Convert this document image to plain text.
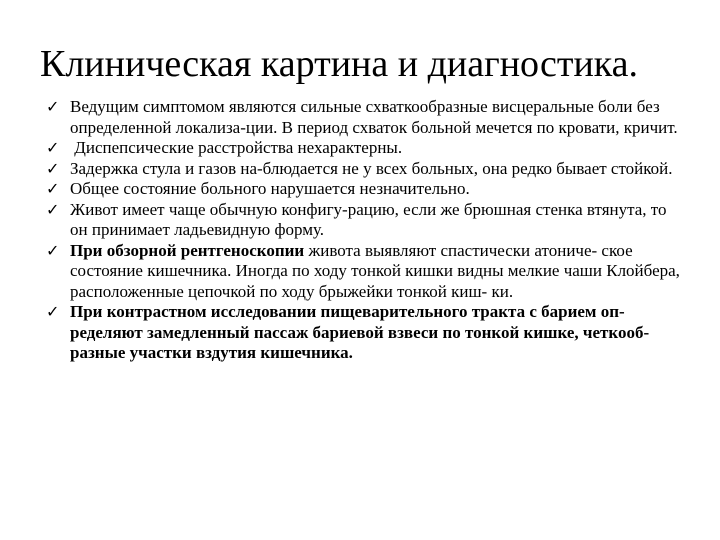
Клиническая картина и диагностика.
✓ Ведущим симптомом являются сильные схваткообразные висцеральные боли без определенной локализа-ции. В период схваток больной мечется по кровати, кричит.
✓ Диспепсические расстройства нехарактерны.
✓ Задержка стула и газов на-блюдается не у всех больных, она редко бывает стойкой.
✓ Общее состояние больного нарушается незначительно.
✓ Живот имеет чаще обычную конфигу-рацию, если же брюшная стенка втянута, то он принимает ладьевидную форму.
✓ При обзорной рентгеноскопии живота выявляют спастически атониче- ское состояние кишечника. Иногда по ходу тонкой кишки видны мелкие чаши Клойбера, расположенные цепочкой по ходу брыжейки тонкой киш- ки.
✓ При контрастном исследовании пищеварительного тракта с барием оп- ределяют замедленный пассаж бариевой взвеси по тонкой кишке, четкооб- разные участки вздутия кишечника.
